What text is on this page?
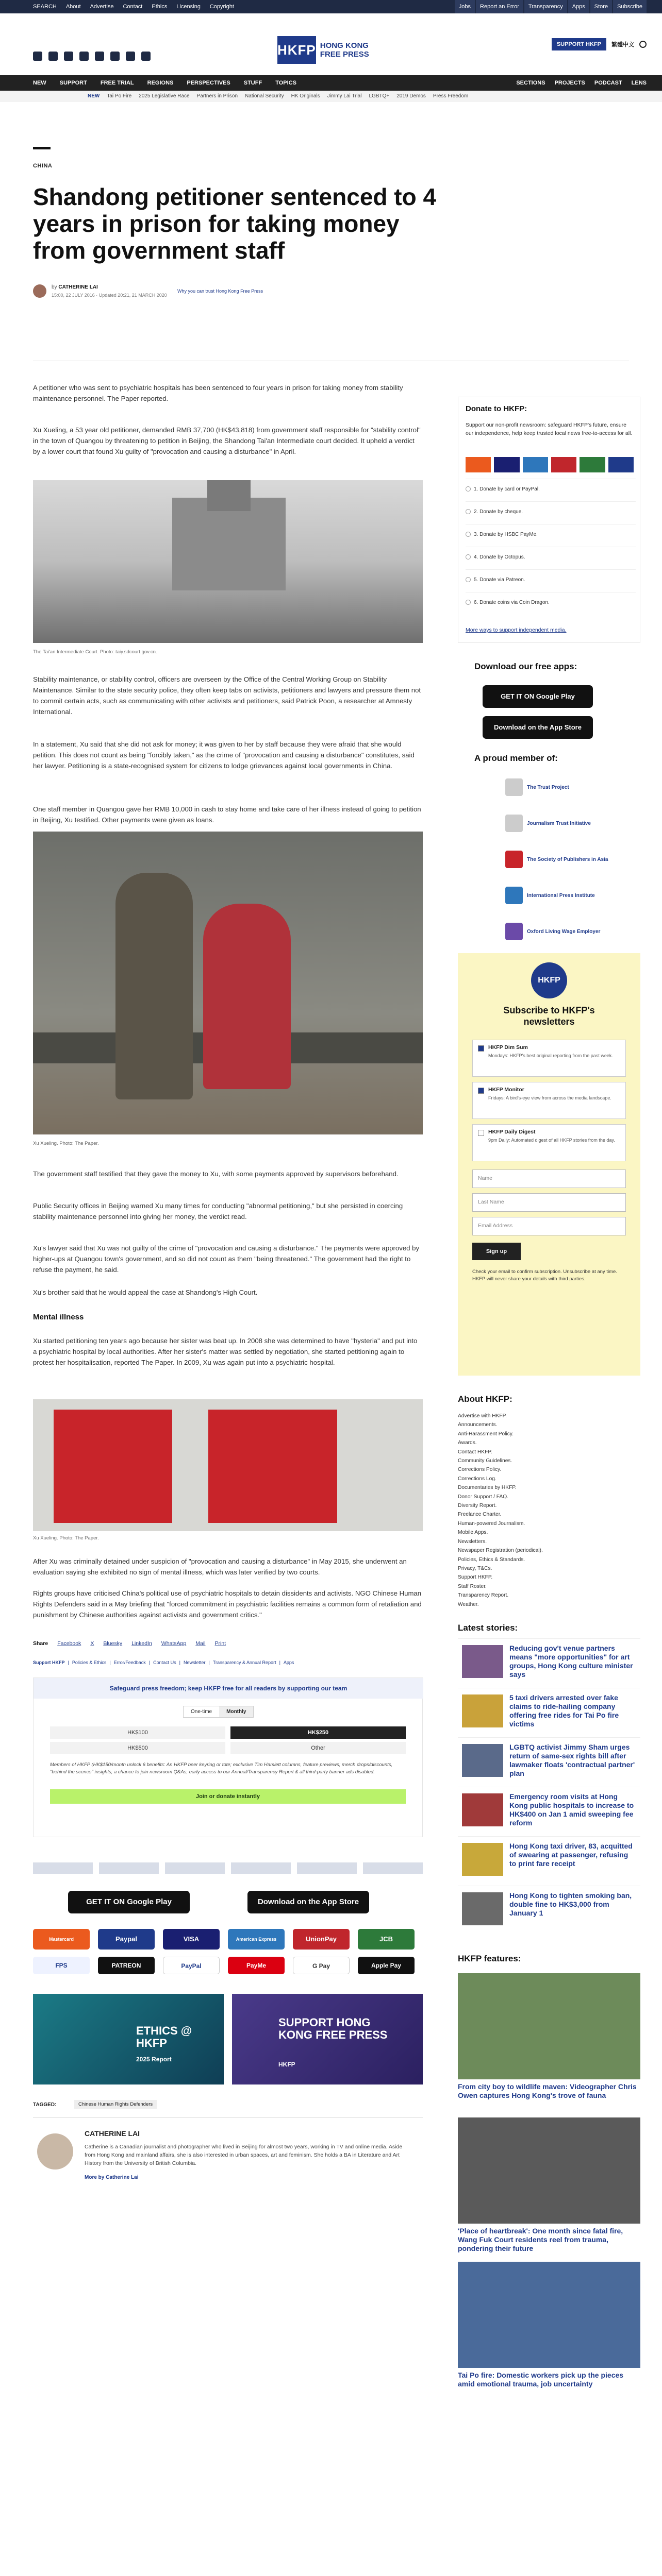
SEARCH About Advertise Contact Ethics Licensing Copyright	Jobs	Report an Error	Transparency	Apps	Store	Subscribe
HKFP HONG KONG FREE PRESS
SUPPORT HKFP	繁體中文
NEW SUPPORT FREE TRIAL REGIONS PERSPECTIVES STUFF TOPICS	SECTIONS PROJECTS PODCAST LENS
NEW Tai Po Fire 2025 Legislative Race Partners in Prison National Security HK Originals Jimmy Lai Trial LGBTQ+ 2019 Demos Press Freedom
CHINA
Shandong petitioner sentenced to 4 years in prison for taking money from government staff
by CATHERINE LAI
15:00, 22 JULY 2016 · Updated 20:21, 21 MARCH 2020
Why you can trust Hong Kong Free Press

A petitioner who was sent to psychiatric hospitals has been sentenced to four years in prison for taking money from stability maintenance personnel. The Paper reported.

Xu Xueling, a 53 year old petitioner, demanded RMB 37,700 (HK$43,818) from government staff responsible for "stability control" in the town of Quangou by threatening to petition in Beijing, the Shandong Tai'an Intermediate court decided. It upheld a verdict by a lower court that found Xu guilty of "provocation and causing a disturbance" in April.

The Tai'an Intermediate Court. Photo: taiy.sdcourt.gov.cn.

Stability maintenance, or stability control, officers are overseen by the Office of the Central Working Group on Stability Maintenance. Similar to the state security police, they often keep tabs on activists, petitioners and lawyers and pressure them not to commit certain acts, such as communicating with other activists and petitioners, said Patrick Poon, a researcher at Amnesty International.

In a statement, Xu said that she did not ask for money; it was given to her by staff because they were afraid that she would petition. This does not count as being "forcibly taken," as the crime of "provocation and causing a disturbance" constitutes, said her lawyer. Petitioning is a state-recognised system for citizens to lodge grievances against local governments in China.

One staff member in Quangou gave her RMB 10,000 in cash to stay home and take care of her illness instead of going to petition in Beijing, Xu testified. Other payments were given as loans.

Xu Xueling. Photo: The Paper.

The government staff testified that they gave the money to Xu, with some payments approved by supervisors beforehand.

Public Security offices in Beijing warned Xu many times for conducting "abnormal petitioning," but she persisted in coercing stability maintenance personnel into giving her money, the verdict read.

Xu's lawyer said that Xu was not guilty of the crime of "provocation and causing a disturbance." The payments were approved by higher-ups at Quangou town's government, and so did not count as them "being threatened." The government had the right to refuse the payment, he said.

Xu's brother said that he would appeal the case at Shandong's High Court.

Mental illness

Xu started petitioning ten years ago because her sister was beat up. In 2008 she was determined to have "hysteria" and put into a psychiatric hospital by local authorities. After her sister's matter was settled by negotiation, she started petitioning again to protest her hospitalisation, reported The Paper. In 2009, Xu was again put into a psychiatric hospital.

Xu Xueling. Photo: The Paper.

After Xu was criminally detained under suspicion of "provocation and causing a disturbance" in May 2015, she underwent an evaluation saying she exhibited no sign of mental illness, which was later verified by two courts.

Rights groups have criticised China's political use of psychiatric hospitals to detain dissidents and activists. NGO Chinese Human Rights Defenders said in a May briefing that "forced commitment in psychiatric facilities remains a common form of retaliation and punishment by Chinese authorities against activists and government critics."

Share Facebook X Bluesky LinkedIn WhatsApp Mail Print
Support HKFP | Policies & Ethics | Error/Feedback | Contact Us | Newsletter | Transparency & Annual Report | Apps
Safeguard press freedom; keep HKFP free for all readers by supporting our team
One-time	Monthly
HK$100	HK$250
HK$500	Other
Members of HKFP (HK$150/month unlock 6 benefits: An HKFP beer keyring or tote; exclusive Tim Hamlett columns, feature previews; merch drops/discounts, "behind the scenes" insights; a chance to join newsroom Q&As, early access to our Annual/Transparency Report & all third-party banner ads disabled.
Join or donate instantly
GET IT ON Google Play	Download on the App Store
Mastercard	Paypal	VISA	American Express	UnionPay	JCB
FPS	PATREON	PayPal	PayMe	G Pay	Apple Pay
ETHICS @ HKFP
2025 Report
SUPPORT HONG KONG FREE PRESS
HKFP
TAGGED:	Chinese Human Rights Defenders
CATHERINE LAI
Catherine is a Canadian journalist and photographer who lived in Beijing for almost two years, working in TV and online media. Aside from Hong Kong and mainland affairs, she is also interested in urban spaces, art and feminism. She holds a BA in Literature and Art History from the University of British Columbia.
More by Catherine Lai
Donate to HKFP:
Support our non-profit newsroom: safeguard HKFP's future, ensure our independence, help keep trusted local news free-to-access for all.
1. Donate by card or PayPal.
2. Donate by cheque.
3. Donate by HSBC PayMe.
4. Donate by Octopus.
5. Donate via Patreon.
6. Donate coins via Coin Dragon.
More ways to support independent media.
Download our free apps:
GET IT ON Google Play
Download on the App Store
A proud member of:
The Trust Project
Journalism Trust Initiative
The Society of Publishers in Asia
International Press Institute
Oxford Living Wage Employer
HKFP
Subscribe to HKFP's newsletters
HKFP Dim Sum
Mondays: HKFP's best original reporting from the past week.
HKFP Monitor
Fridays: A bird's-eye view from across the media landscape.
HKFP Daily Digest
9pm Daily: Automated digest of all HKFP stories from the day.
Name
Last Name
Email Address
Sign up
Check your email to confirm subscription. Unsubscribe at any time. HKFP will never share your details with third parties.
About HKFP:
Advertise with HKFP.
Announcements.
Anti-Harassment Policy.
Awards.
Contact HKFP.
Community Guidelines.
Corrections Policy.
Corrections Log.
Documentaries by HKFP.
Donor Support / FAQ.
Diversity Report.
Freelance Charter.
Human-powered Journalism.
Mobile Apps.
Newsletters.
Newspaper Registration (periodical).
Policies, Ethics & Standards.
Privacy, T&Cs.
Support HKFP.
Staff Roster.
Transparency Report.
Weather.
Latest stories:
Reducing gov't venue partners means "more opportunities" for art groups, Hong Kong culture minister says
5 taxi drivers arrested over fake claims to ride-hailing company offering free rides for Tai Po fire victims
LGBTQ activist Jimmy Sham urges return of same-sex rights bill after lawmaker floats 'contractual partner' plan
Emergency room visits at Hong Kong public hospitals to increase to HK$400 on Jan 1 amid sweeping fee reform
Hong Kong taxi driver, 83, acquitted of swearing at passenger, refusing to print fare receipt
Hong Kong to tighten smoking ban, double fine to HK$3,000 from January 1
HKFP features:
From city boy to wildlife maven: Videographer Chris Owen captures Hong Kong's trove of fauna
'Place of heartbreak': One month since fatal fire, Wang Fuk Court residents reel from trauma, pondering their future
Tai Po fire: Domestic workers pick up the pieces amid emotional trauma, job uncertainty
